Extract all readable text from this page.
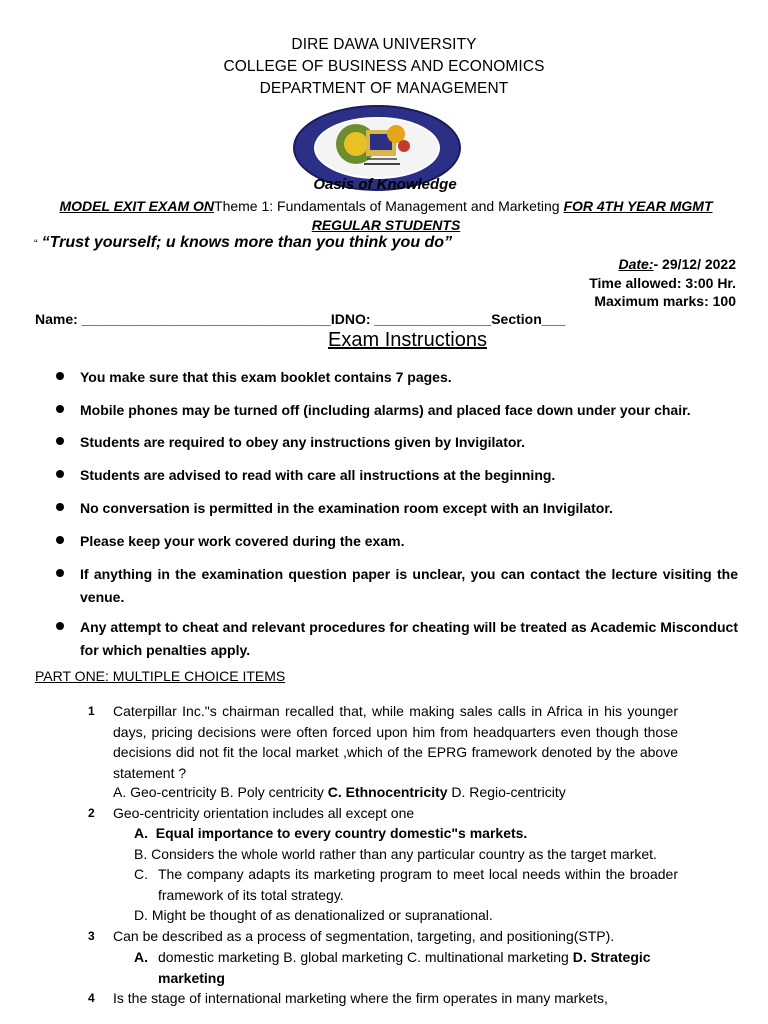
DIRE DAWA UNIVERSITY
COLLEGE OF BUSINESS AND ECONOMICS
DEPARTMENT OF MANAGEMENT
Oasis of Knowledge
MODEL EXIT EXAM ONTheme 1: Fundamentals of Management and Marketing FOR 4TH YEAR MGMT REGULAR STUDENTS
“ “Trust yourself; u knows more than you think you do”
Date:- 29/12/ 2022
Time allowed: 3:00 Hr.
Maximum marks: 100
Name: ________________________________IDNO: _______________Section___
Exam Instructions
You make sure that this exam booklet contains 7 pages.
Mobile phones may be turned off (including alarms) and placed face down under your chair.
Students are required to obey any instructions given by Invigilator.
Students are advised to read with care all instructions at the beginning.
No conversation is permitted in the examination room except with an Invigilator.
Please keep your work covered during the exam.
If anything in the examination question paper is unclear, you can contact the lecture visiting the venue.
Any attempt to cheat and relevant procedures for cheating will be treated as Academic Misconduct for which penalties apply.
PART ONE: MULTIPLE CHOICE ITEMS
1 Caterpillar Inc."s chairman recalled that, while making sales calls in Africa in his younger days, pricing decisions were often forced upon him from headquarters even though those decisions did not fit the local market ,which of the EPRG framework denoted by the above statement ?
A. Geo-centricity B. Poly centricity C. Ethnocentricity D. Regio-centricity
2 Geo-centricity orientation includes all except one
A. Equal importance to every country domestic"s markets.
B. Considers the whole world rather than any particular country as the target market.
C. The company adapts its marketing program to meet local needs within the broader framework of its total strategy.
D. Might be thought of as denationalized or supranational.
3 Can be described as a process of segmentation, targeting, and positioning(STP).
A. domestic marketing B. global marketing C. multinational marketing D. Strategic marketing
4 Is the stage of international marketing where the firm operates in many markets,
